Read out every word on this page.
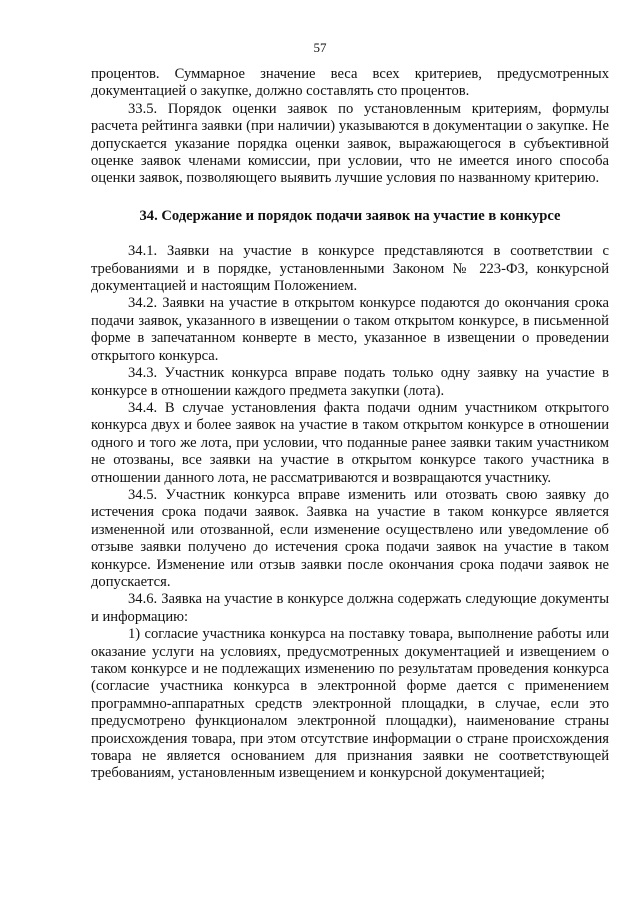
57

процентов. Суммарное значение веса всех критериев, предусмотренных документацией о закупке, должно составлять сто процентов.

33.5. Порядок оценки заявок по установленным критериям, формулы расчета рейтинга заявки (при наличии) указываются в документации о закупке. Не допускается указание порядка оценки заявок, выражающегося в субъективной оценке заявок членами комиссии, при условии, что не имеется иного способа оценки заявок, позволяющего выявить лучшие условия по названному критерию.

34. Содержание и порядок подачи заявок на участие в конкурсе

34.1. Заявки на участие в конкурсе представляются в соответствии с требованиями и в порядке, установленными Законом № 223-ФЗ, конкурсной документацией и настоящим Положением.

34.2. Заявки на участие в открытом конкурсе подаются до окончания срока подачи заявок, указанного в извещении о таком открытом конкурсе, в письменной форме в запечатанном конверте в место, указанное в извещении о проведении открытого конкурса.

34.3. Участник конкурса вправе подать только одну заявку на участие в конкурсе в отношении каждого предмета закупки (лота).

34.4. В случае установления факта подачи одним участником открытого конкурса двух и более заявок на участие в таком открытом конкурсе в отношении одного и того же лота, при условии, что поданные ранее заявки таким участником не отозваны, все заявки на участие в открытом конкурсе такого участника в отношении данного лота, не рассматриваются и возвращаются участнику.

34.5. Участник конкурса вправе изменить или отозвать свою заявку до истечения срока подачи заявок. Заявка на участие в таком конкурсе является измененной или отозванной, если изменение осуществлено или уведомление об отзыве заявки получено до истечения срока подачи заявок на участие в таком конкурсе. Изменение или отзыв заявки после окончания срока подачи заявок не допускается.

34.6. Заявка на участие в конкурсе должна содержать следующие документы и информацию:

1) согласие участника конкурса на поставку товара, выполнение работы или оказание услуги на условиях, предусмотренных документацией и извещением о таком конкурсе и не подлежащих изменению по результатам проведения конкурса (согласие участника конкурса в электронной форме дается с применением программно-аппаратных средств электронной площадки, в случае, если это предусмотрено функционалом электронной площадки), наименование страны происхождения товара, при этом отсутствие информации о стране происхождения товара не является основанием для признания заявки не соответствующей требованиям, установленным извещением и конкурсной документацией;
